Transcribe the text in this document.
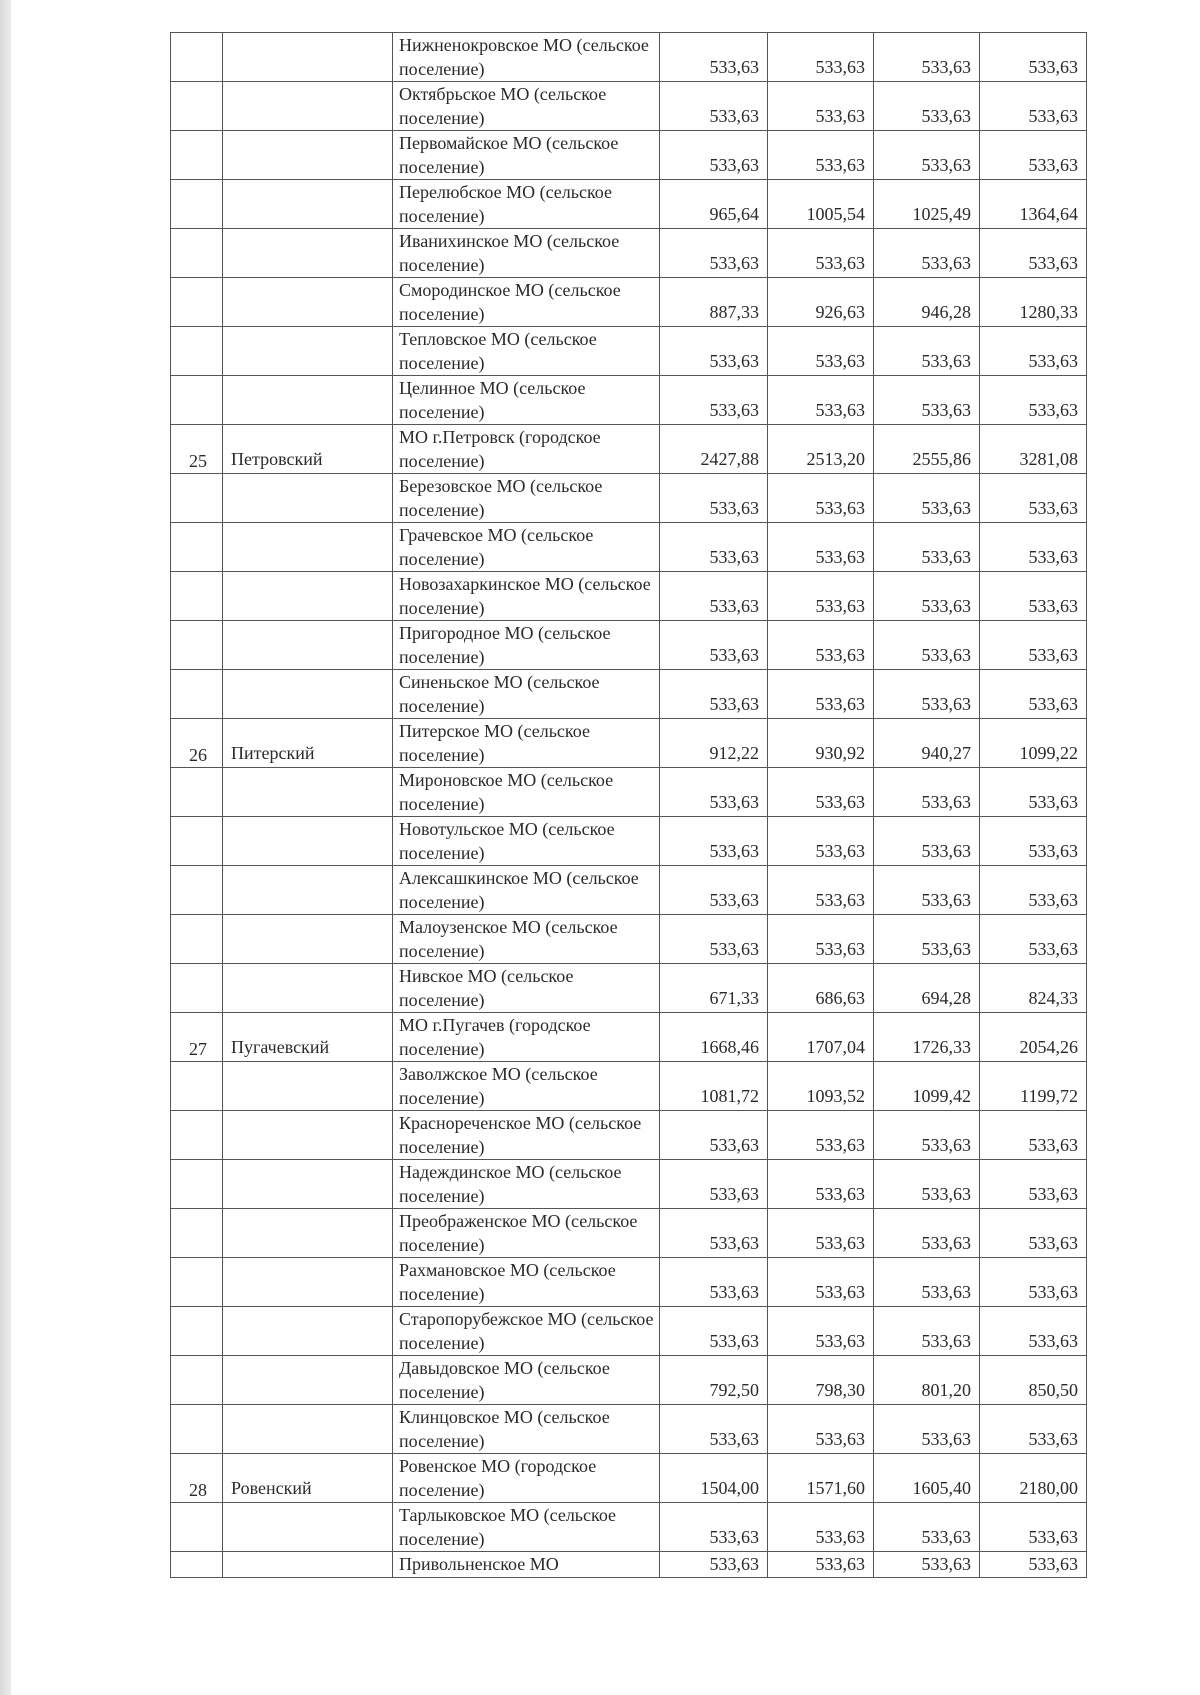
		Нижненокровское МО (сельское поселение)	533,63	533,63	533,63	533,63
		Октябрьское МО (сельское поселение)	533,63	533,63	533,63	533,63
		Первомайское МО (сельское поселение)	533,63	533,63	533,63	533,63
		Перелюбское МО (сельское поселение)	965,64	1005,54	1025,49	1364,64
		Иванихинское МО (сельское поселение)	533,63	533,63	533,63	533,63
		Смородинское МО (сельское поселение)	887,33	926,63	946,28	1280,33
		Тепловское МО (сельское поселение)	533,63	533,63	533,63	533,63
		Целинное МО (сельское поселение)	533,63	533,63	533,63	533,63
25	Петровский	МО г.Петровск (городское поселение)	2427,88	2513,20	2555,86	3281,08
		Березовское МО (сельское поселение)	533,63	533,63	533,63	533,63
		Грачевское МО (сельское поселение)	533,63	533,63	533,63	533,63
		Новозахаркинское МО (сельское поселение)	533,63	533,63	533,63	533,63
		Пригородное МО (сельское поселение)	533,63	533,63	533,63	533,63
		Синеньское МО (сельское поселение)	533,63	533,63	533,63	533,63
26	Питерский	Питерское МО (сельское поселение)	912,22	930,92	940,27	1099,22
		Мироновское МО (сельское поселение)	533,63	533,63	533,63	533,63
		Новотульское МО (сельское поселение)	533,63	533,63	533,63	533,63
		Алексашкинское МО (сельское поселение)	533,63	533,63	533,63	533,63
		Малоузенское МО (сельское поселение)	533,63	533,63	533,63	533,63
		Нивское МО (сельское поселение)	671,33	686,63	694,28	824,33
27	Пугачевский	МО г.Пугачев (городское поселение)	1668,46	1707,04	1726,33	2054,26
		Заволжское МО (сельское поселение)	1081,72	1093,52	1099,42	1199,72
		Краснореченское МО (сельское поселение)	533,63	533,63	533,63	533,63
		Надеждинское МО (сельское поселение)	533,63	533,63	533,63	533,63
		Преображенское МО (сельское поселение)	533,63	533,63	533,63	533,63
		Рахмановское МО (сельское поселение)	533,63	533,63	533,63	533,63
		Старопорубежское МО (сельское поселение)	533,63	533,63	533,63	533,63
		Давыдовское МО (сельское поселение)	792,50	798,30	801,20	850,50
		Клинцовское МО (сельское поселение)	533,63	533,63	533,63	533,63
28	Ровенский	Ровенское МО (городское поселение)	1504,00	1571,60	1605,40	2180,00
		Тарлыковское МО (сельское поселение)	533,63	533,63	533,63	533,63
		Привольненское МО	533,63	533,63	533,63	533,63
